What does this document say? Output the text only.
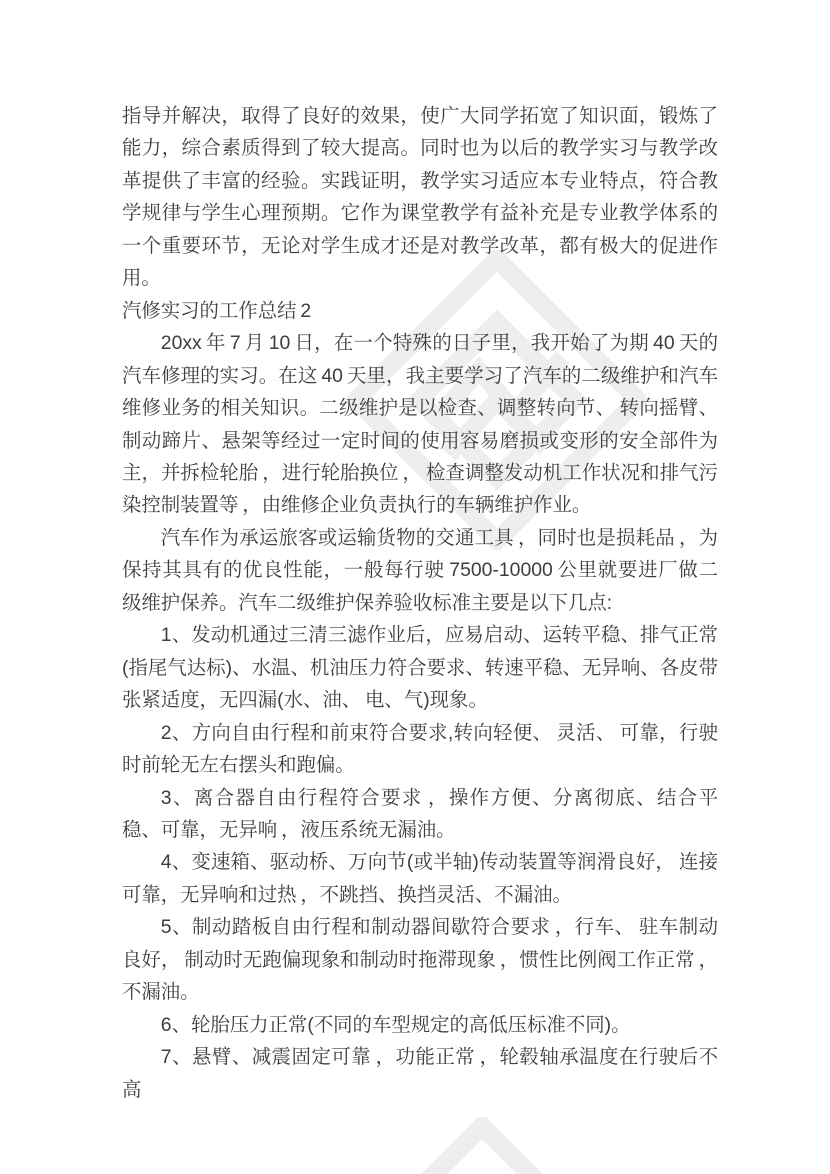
指导并解决，取得了良好的效果，使广大同学拓宽了知识面，锻炼了能力，综合素质得到了较大提高。同时也为以后的教学实习与教学改革提供了丰富的经验。实践证明，教学实习适应本专业特点，符合教学规律与学生心理预期。它作为课堂教学有益补充是专业教学体系的一个重要环节，无论对学生成才还是对教学改革，都有极大的促进作用。

汽修实习的工作总结 2

20xx 年 7 月 10 日，在一个特殊的日子里，我开始了为期 40 天的汽车修理的实习。在这 40 天里，我主要学习了汽车的二级维护和汽车维修业务的相关知识。二级维护是以检查、调整转向节、 转向摇臂、制动蹄片、悬架等经过一定时间的使用容易磨损或变形的安全部件为主，并拆检轮胎 ，进行轮胎换位 ， 检查调整发动机工作状况和排气污染控制装置等 ，由维修企业负责执行的车辆维护作业。

汽车作为承运旅客或运输货物的交通工具 ，同时也是损耗品 ，为保持其具有的优良性能，一般每行驶 7500-10000 公里就要进厂做二级维护保养。汽车二级维护保养验收标准主要是以下几点:

1、发动机通过三清三滤作业后，应易启动、运转平稳、排气正常(指尾气达标)、水温、机油压力符合要求、转速平稳、无异响、各皮带张紧适度，无四漏(水、油、 电、气)现象。

2、方向自由行程和前束符合要求,转向轻便、 灵活、 可靠，行驶时前轮无左右摆头和跑偏。

3、离合器自由行程符合要求 ，操作方便、分离彻底、结合平稳、可靠，无异响 ，液压系统无漏油。

4、变速箱、驱动桥、万向节(或半轴)传动装置等润滑良好， 连接可靠，无异响和过热 ，不跳挡、换挡灵活、不漏油。

5、制动踏板自由行程和制动器间歇符合要求 ，行车、 驻车制动良好， 制动时无跑偏现象和制动时拖滞现象 ，惯性比例阀工作正常 ，不漏油。

6、轮胎压力正常(不同的车型规定的高低压标准不同)。

7、悬臂、减震固定可靠 ，功能正常 ，轮毂轴承温度在行驶后不高
